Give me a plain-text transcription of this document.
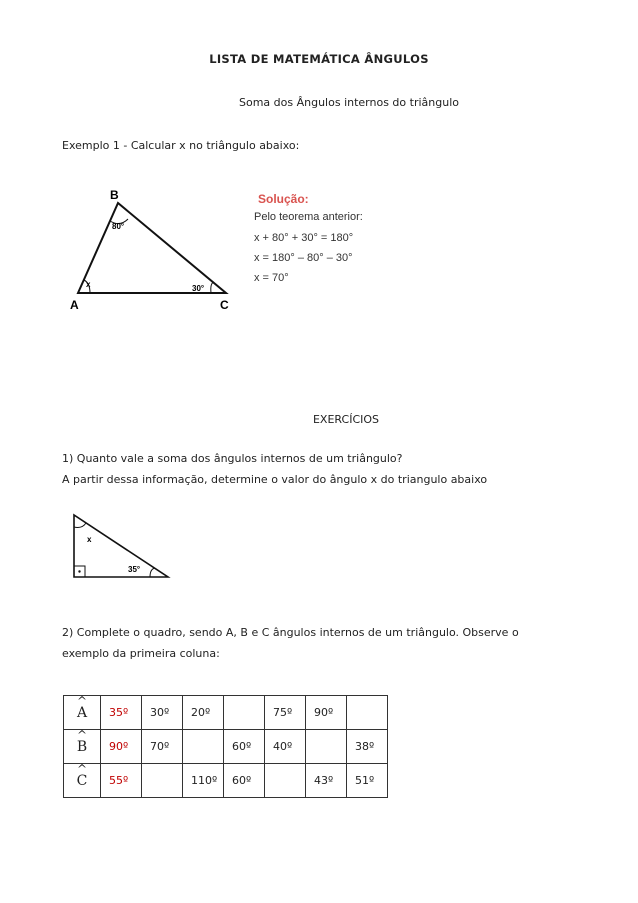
LISTA DE MATEMÁTICA ÂNGULOS
Soma dos Ângulos internos do triângulo
Exemplo 1 - Calcular x no triângulo abaixo:
B
A	C
80°
x	30°
Solução:
Pelo teorema anterior:
x + 80° + 30° = 180°
x = 180° – 80° – 30°
x = 70°
EXERCÍCIOS
1) Quanto vale a soma dos ângulos internos de um triângulo?
A partir dessa informação, determine o valor do ângulo x do triangulo abaixo
x
35°
2) Complete o quadro, sendo A, B e C ângulos internos de um triângulo. Observe o
exemplo da primeira coluna:
^ A	35º	30º	20º		75º	90º	
^ B	90º	70º		60º	40º		38º
^ C	55º		110º	60º		43º	51º
